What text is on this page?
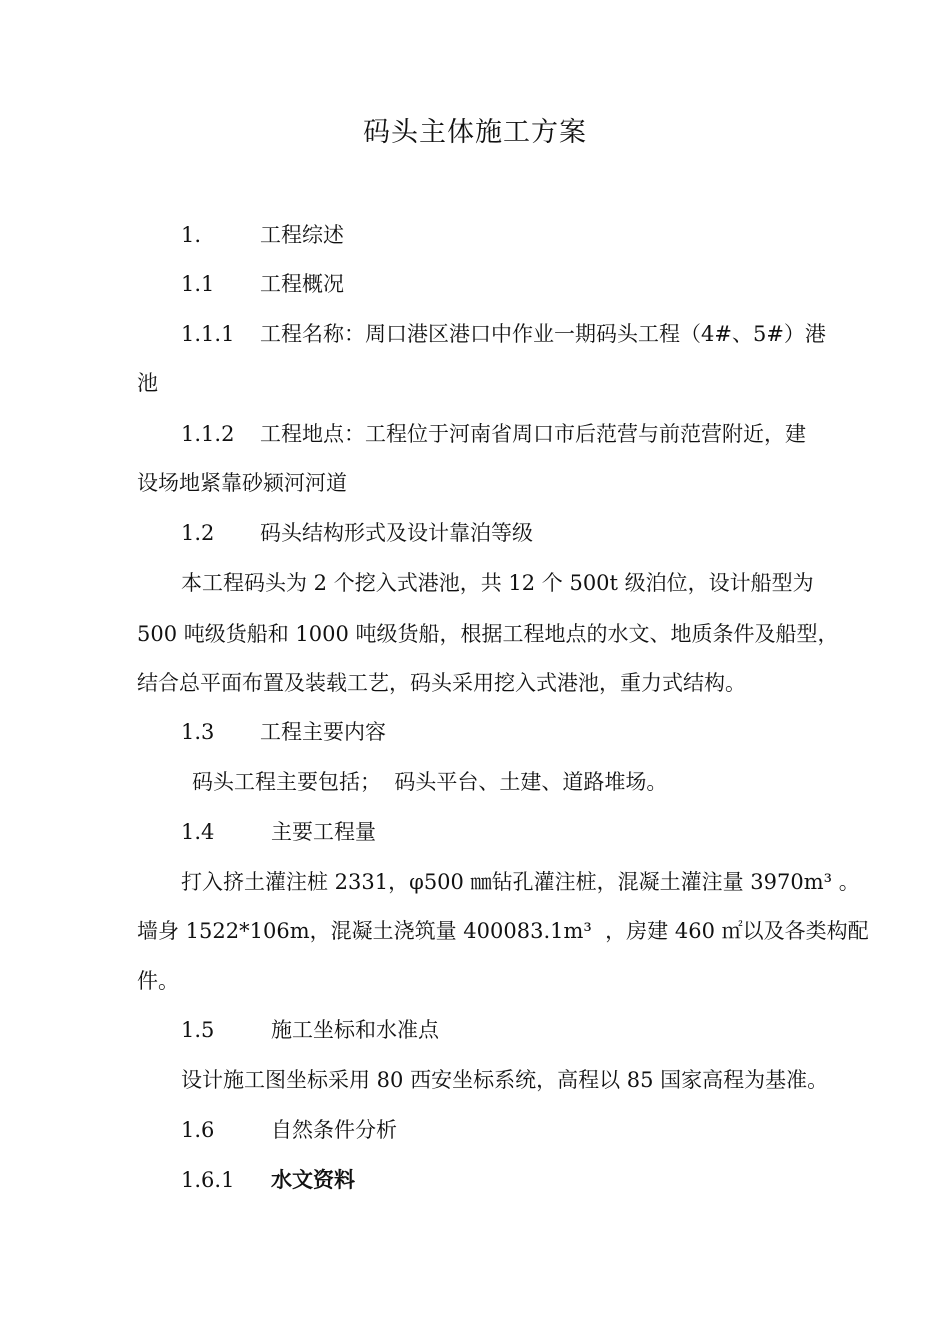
码头主体施工方案
1.	工程综述
1.1 工程概况
1.1.1 工程名称：周口港区港口中作业一期码头工程（4#、5#）港
池
1.1.2 工程地点：工程位于河南省周口市后范营与前范营附近，建
设场地紧靠砂颍河河道
1.2 码头结构形式及设计靠泊等级
本工程码头为 2 个挖入式港池，共 12 个 500t 级泊位，设计船型为
500 吨级货船和 1000 吨级货船，根据工程地点的水文、地质条件及船型，
结合总平面布置及装载工艺，码头采用挖入式港池，重力式结构。
1.3 工程主要内容
码头工程主要包括；  码头平台、土建、道路堆场。
1.4	主要工程量
打入挤土灌注桩 2331，φ500 ㎜钻孔灌注桩，混凝土灌注量 3970m³ 。
墙身 1522*106m，混凝土浇筑量 400083.1m³  ，房建 460 ㎡以及各类构配
件。
1.5	施工坐标和水准点
设计施工图坐标采用 80 西安坐标系统，高程以 85 国家高程为基准。
1.6	自然条件分析
1.6.1 水文资料
